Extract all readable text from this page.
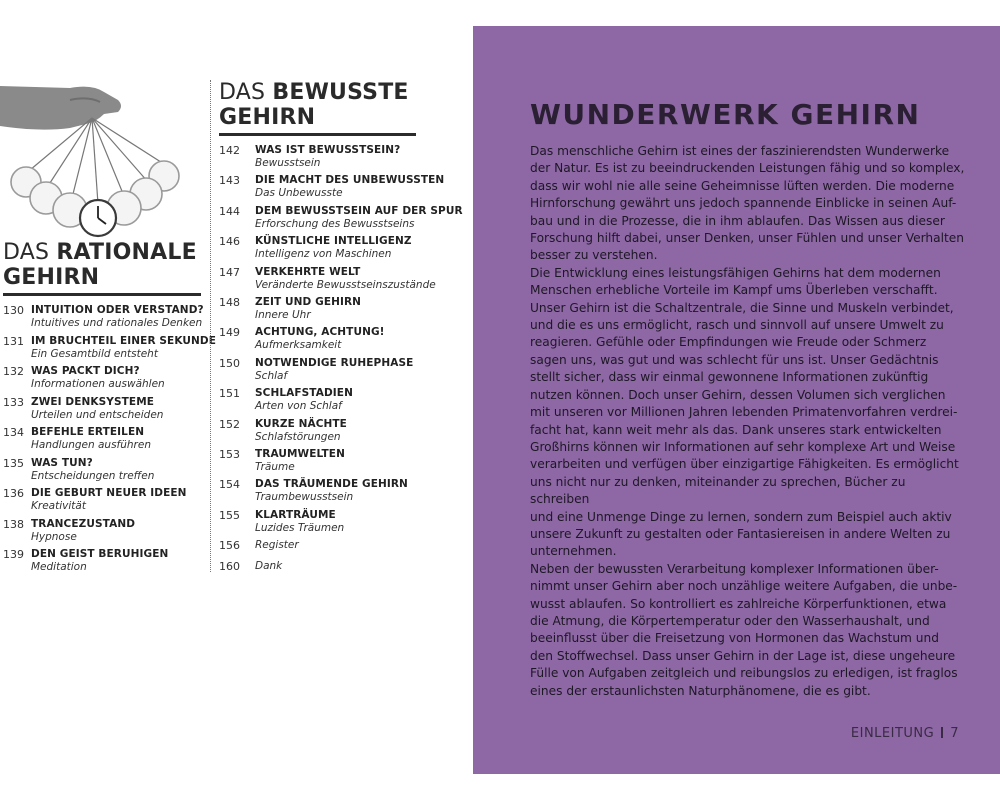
DAS RATIONALE
GEHIRN
130 INTUITION ODER VERSTAND?
Intuitives und rationales Denken
131 IM BRUCHTEIL EINER SEKUNDE
Ein Gesamtbild entsteht
132 WAS PACKT DICH?
Informationen auswählen
133 ZWEI DENKSYSTEME
Urteilen und entscheiden
134 BEFEHLE ERTEILEN
Handlungen ausführen
135 WAS TUN?
Entscheidungen treffen
136 DIE GEBURT NEUER IDEEN
Kreativität
138 TRANCEZUSTAND
Hypnose
139 DEN GEIST BERUHIGEN
Meditation
DAS BEWUSSTE
GEHIRN
142	WAS IST BEWUSSTSEIN?
Bewusstsein
143	DIE MACHT DES UNBEWUSSTEN
Das Unbewusste
144	DEM BEWUSSTSEIN AUF DER SPUR
Erforschung des Bewusstseins
146	KÜNSTLICHE INTELLIGENZ
Intelligenz von Maschinen
147	VERKEHRTE WELT
Veränderte Bewusstseinszustände
148	ZEIT UND GEHIRN
Innere Uhr
149	ACHTUNG, ACHTUNG!
Aufmerksamkeit
150	NOTWENDIGE RUHEPHASE
Schlaf
151	SCHLAFSTADIEN
Arten von Schlaf
152	KURZE NÄCHTE
Schlafstörungen
153	TRAUMWELTEN
Träume
154	DAS TRÄUMENDE GEHIRN
Traumbewusstsein
155	KLARTRÄUME
Luzides Träumen
156	Register
160	Dank
WUNDERWERK GEHIRN

Das menschliche Gehirn ist eines der faszinierendsten Wunderwerke

der Natur. Es ist zu beeindruckenden Leistungen fähig und so komplex,

dass wir wohl nie alle seine Geheimnisse lüften werden. Die moderne

Hirnforschung gewährt uns jedoch spannende Einblicke in seinen Auf-

bau und in die Prozesse, die in ihm ablaufen. Das Wissen aus dieser

Forschung hilft dabei, unser Denken, unser Fühlen und unser Verhalten

besser zu verstehen.

Die Entwicklung eines leistungsfähigen Gehirns hat dem modernen

Menschen erhebliche Vorteile im Kampf ums Überleben verschafft.

Unser Gehirn ist die Schaltzentrale, die Sinne und Muskeln verbindet,

und die es uns ermöglicht, rasch und sinnvoll auf unsere Umwelt zu

reagieren. Gefühle oder Empfindungen wie Freude oder Schmerz

sagen uns, was gut und was schlecht für uns ist. Unser Gedächtnis

stellt sicher, dass wir einmal gewonnene Informationen zukünftig

nutzen können. Doch unser Gehirn, dessen Volumen sich verglichen

mit unseren vor Millionen Jahren lebenden Primatenvorfahren verdrei-

facht hat, kann weit mehr als das. Dank unseres stark entwickelten

Großhirns können wir Informationen auf sehr komplexe Art und Weise

verarbeiten und verfügen über einzigartige Fähigkeiten. Es ermöglicht

uns nicht nur zu denken, miteinander zu sprechen, Bücher zu schreiben

und eine Unmenge Dinge zu lernen, sondern zum Beispiel auch aktiv

unsere Zukunft zu gestalten oder Fantasiereisen in andere Welten zu

unternehmen.

Neben der bewussten Verarbeitung komplexer Informationen über-

nimmt unser Gehirn aber noch unzählige weitere Aufgaben, die unbe-

wusst ablaufen. So kontrolliert es zahlreiche Körperfunktionen, etwa

die Atmung, die Körpertemperatur oder den Wasserhaushalt, und

beeinflusst über die Freisetzung von Hormonen das Wachstum und

den Stoffwechsel. Dass unser Gehirn in der Lage ist, diese ungeheure

Fülle von Aufgaben zeitgleich und reibungslos zu erledigen, ist fraglos

eines der erstaunlichsten Naturphänomene, die es gibt.

EINLEITUNG 7
